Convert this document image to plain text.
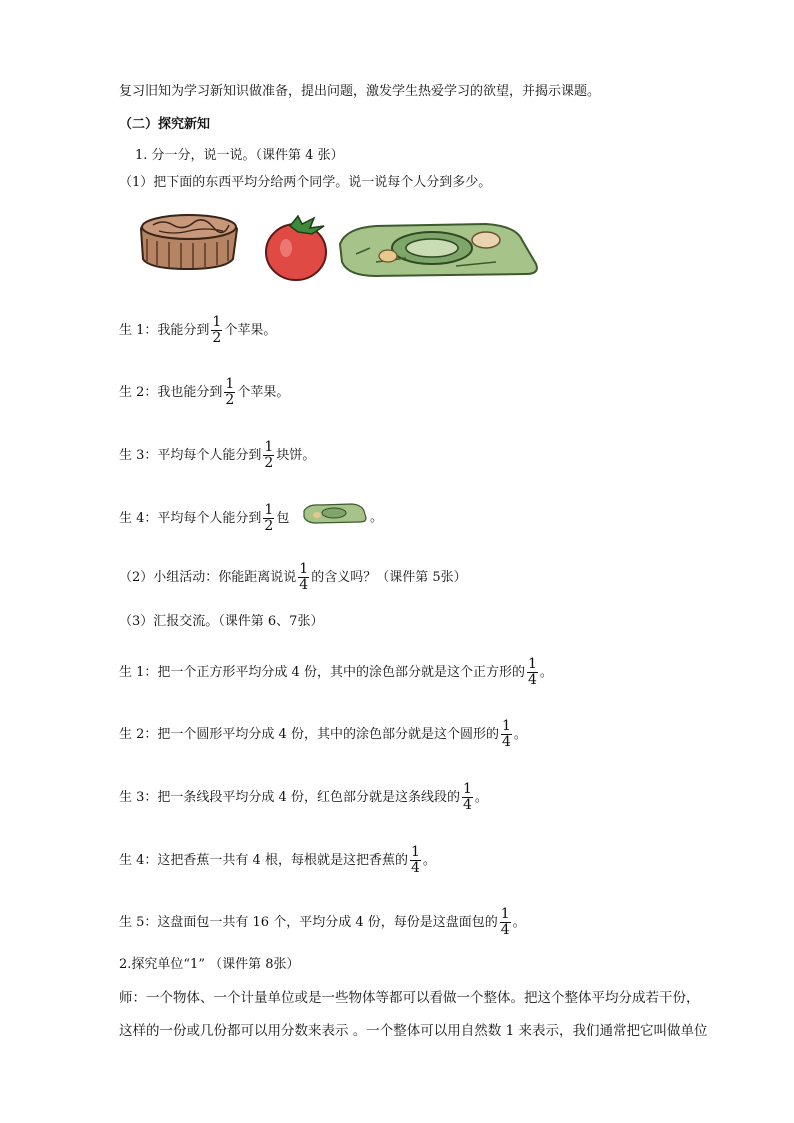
复习旧知为学习新知识做准备，提出问题，激发学生热爱学习的欲望，并揭示课题。
（二）探究新知
1. 分一分，说一说。（课件第 4 张）
（1）把下面的东西平均分给两个同学。说一说每个人分到多少。
生 1：我能分到 $\frac{1}{2}$ 个苹果。
生 2：我也能分到 $\frac{1}{2}$ 个苹果。
生 3：平均每个人能分到 $\frac{1}{2}$ 块饼。
生 4：平均每个人能分到 $\frac{1}{2}$ 包	。
（2）小组活动：你能距离说说 $\frac{1}{4}$ 的含义吗？（课件第 5张）
（3）汇报交流。（课件第 6、7张）
生 1：把一个正方形平均分成 4 份，其中的涂色部分就是这个正方形的 $\frac{1}{4}$ 。
生 2：把一个圆形平均分成 4 份，其中的涂色部分就是这个圆形的 $\frac{1}{4}$ 。
生 3：把一条线段平均分成 4 份，红色部分就是这条线段的 $\frac{1}{4}$ 。
生 4：这把香蕉一共有 4 根，每根就是这把香蕉的 $\frac{1}{4}$ 。
生 5：这盘面包一共有 16 个，平均分成 4 份，每份是这盘面包的 $\frac{1}{4}$ 。
2.探究单位“1” （课件第 8张）
师：一个物体、一个计量单位或是一些物体等都可以看做一个整体。把这个整体平均分成若干份，
这样的一份或几份都可以用分数来表示 。一个整体可以用自然数 1 来表示，我们通常把它叫做单位
